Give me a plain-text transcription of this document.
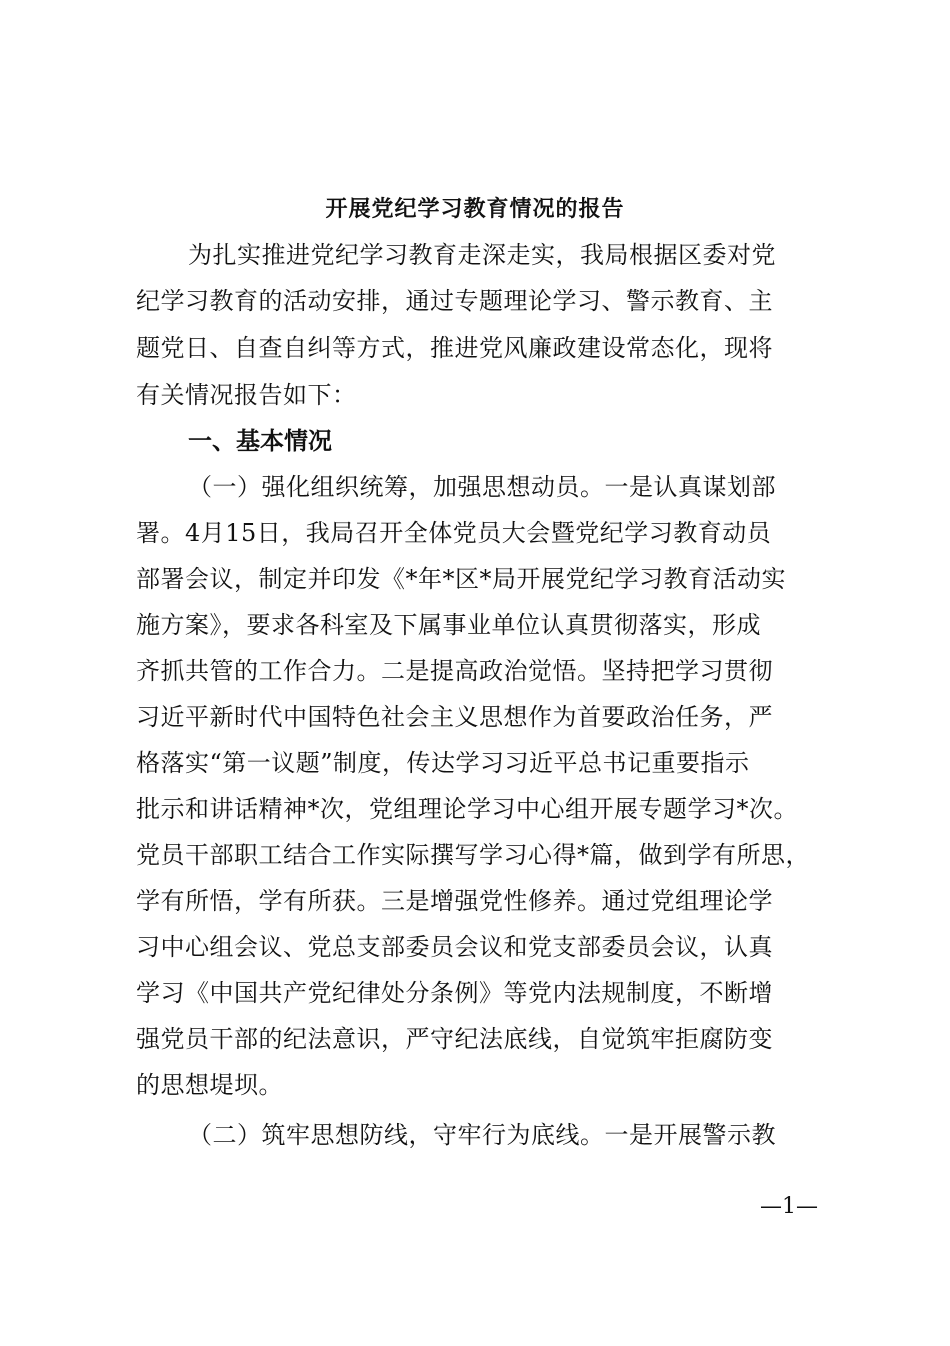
开展党纪学习教育情况的报告
为扎实推进党纪学习教育走深走实，我局根据区委对党
纪学习教育的活动安排，通过专题理论学习、警示教育、主
题党日、自查自纠等方式，推进党风廉政建设常态化，现将
有关情况报告如下：
一、基本情况
（一）强化组织统筹，加强思想动员。一是认真谋划部
署。4月15日，我局召开全体党员大会暨党纪学习教育动员
部署会议，制定并印发《*年*区*局开展党纪学习教育活动实
施方案》，要求各科室及下属事业单位认真贯彻落实，形成
齐抓共管的工作合力。二是提高政治觉悟。坚持把学习贯彻
习近平新时代中国特色社会主义思想作为首要政治任务，严
格落实“第一议题”制度，传达学习习近平总书记重要指示
批示和讲话精神*次，党组理论学习中心组开展专题学习*次。
党员干部职工结合工作实际撰写学习心得*篇，做到学有所思，
学有所悟，学有所获。三是增强党性修养。通过党组理论学
习中心组会议、党总支部委员会议和党支部委员会议，认真
学习《中国共产党纪律处分条例》等党内法规制度，不断增
强党员干部的纪法意识，严守纪法底线，自觉筑牢拒腐防变
的思想堤坝。
（二）筑牢思想防线，守牢行为底线。一是开展警示教
—1—
